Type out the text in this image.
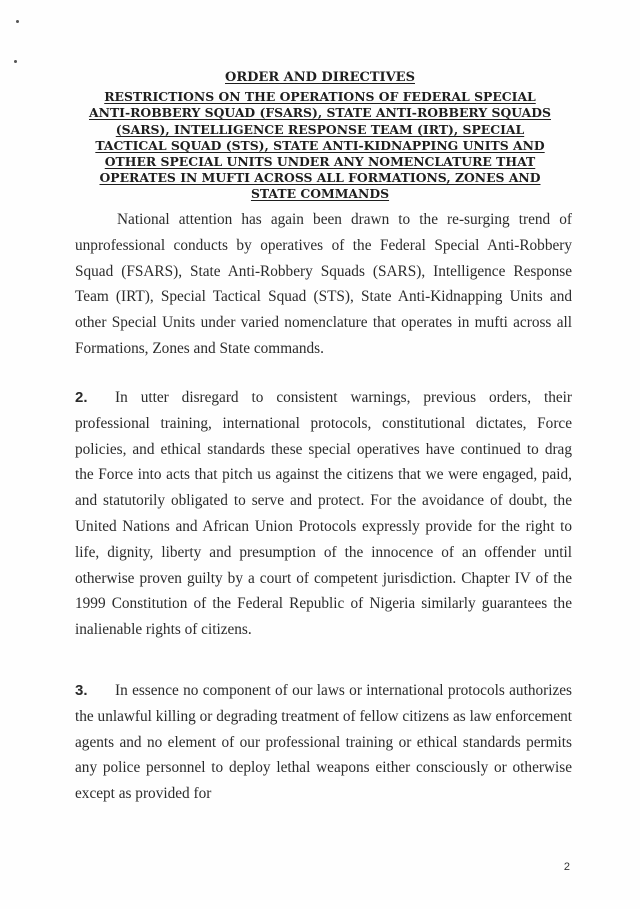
ORDER AND DIRECTIVES
RESTRICTIONS ON THE OPERATIONS OF FEDERAL SPECIAL
ANTI-ROBBERY SQUAD (FSARS), STATE ANTI-ROBBERY SQUADS
(SARS), INTELLIGENCE RESPONSE TEAM (IRT), SPECIAL
TACTICAL SQUAD (STS), STATE ANTI-KIDNAPPING UNITS AND
OTHER SPECIAL UNITS UNDER ANY NOMENCLATURE THAT
OPERATES IN MUFTI ACROSS ALL FORMATIONS, ZONES AND
STATE COMMANDS

National attention has again been drawn to the re-surging trend of unprofessional conducts by operatives of the Federal Special Anti-Robbery Squad (FSARS), State Anti-Robbery Squads (SARS), Intelligence Response Team (IRT), Special Tactical Squad (STS), State Anti-Kidnapping Units and other Special Units under varied nomenclature that operates in mufti across all Formations, Zones and State commands.

2. In utter disregard to consistent warnings, previous orders, their professional training, international protocols, constitutional dictates, Force policies, and ethical standards these special operatives have continued to drag the Force into acts that pitch us against the citizens that we were engaged, paid, and statutorily obligated to serve and protect. For the avoidance of doubt, the United Nations and African Union Protocols expressly provide for the right to life, dignity, liberty and presumption of the innocence of an offender until otherwise proven guilty by a court of competent jurisdiction. Chapter IV of the 1999 Constitution of the Federal Republic of Nigeria similarly guarantees the inalienable rights of citizens.

3. In essence no component of our laws or international protocols authorizes the unlawful killing or degrading treatment of fellow citizens as law enforcement agents and no element of our professional training or ethical standards permits any police personnel to deploy lethal weapons either consciously or otherwise except as provided for

2
